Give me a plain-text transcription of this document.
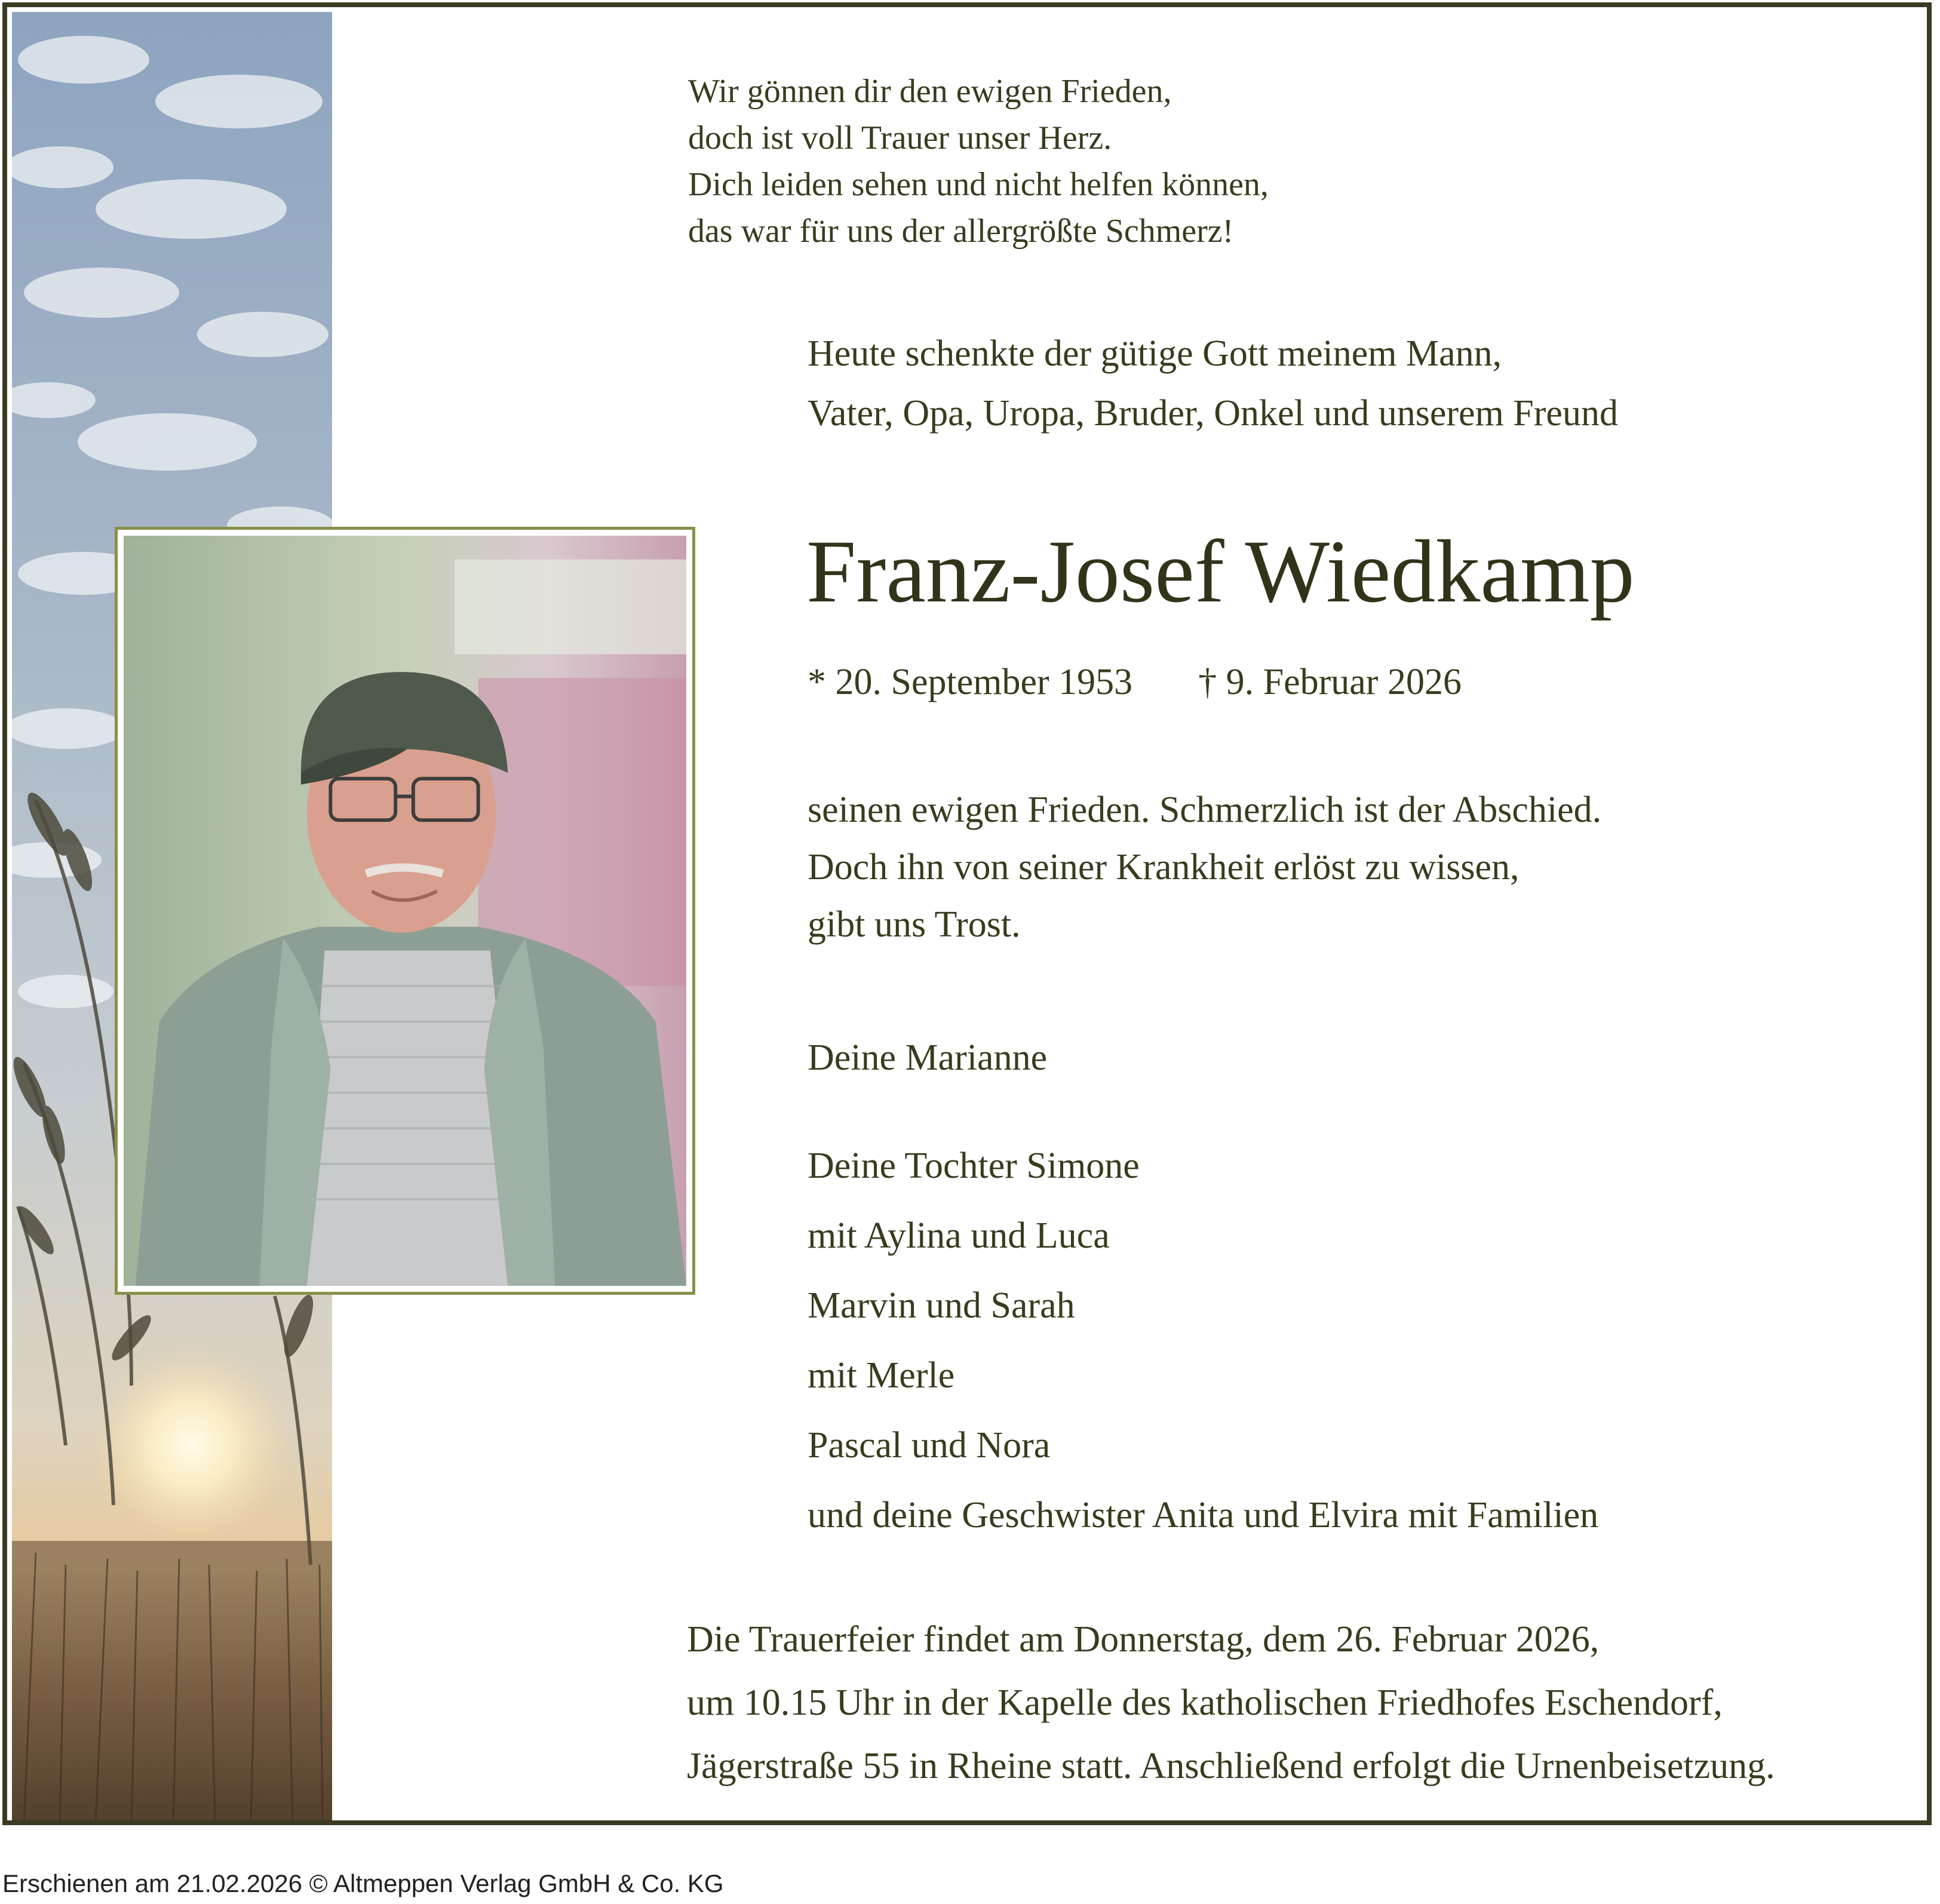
Wir gönnen dir den ewigen Frieden,
doch ist voll Trauer unser Herz.
Dich leiden sehen und nicht helfen können,
das war für uns der allergrößte Schmerz!
Heute schenkte der gütige Gott meinem Mann,
Vater, Opa, Uropa, Bruder, Onkel und unserem Freund
Franz-Josef Wiedkamp
* 20. September 1953 † 9. Februar 2026
seinen ewigen Frieden. Schmerzlich ist der Abschied.
Doch ihn von seiner Krankheit erlöst zu wissen,
gibt uns Trost.
Deine Marianne
Deine Tochter Simone
mit Aylina und Luca
Marvin und Sarah
mit Merle
Pascal und Nora
und deine Geschwister Anita und Elvira mit Familien
Die Trauerfeier findet am Donnerstag, dem 26. Februar 2026,
um 10.15 Uhr in der Kapelle des katholischen Friedhofes Eschendorf,
Jägerstraße 55 in Rheine statt. Anschließend erfolgt die Urnenbeisetzung.
Erschienen am 21.02.2026 © Altmeppen Verlag GmbH & Co. KG
